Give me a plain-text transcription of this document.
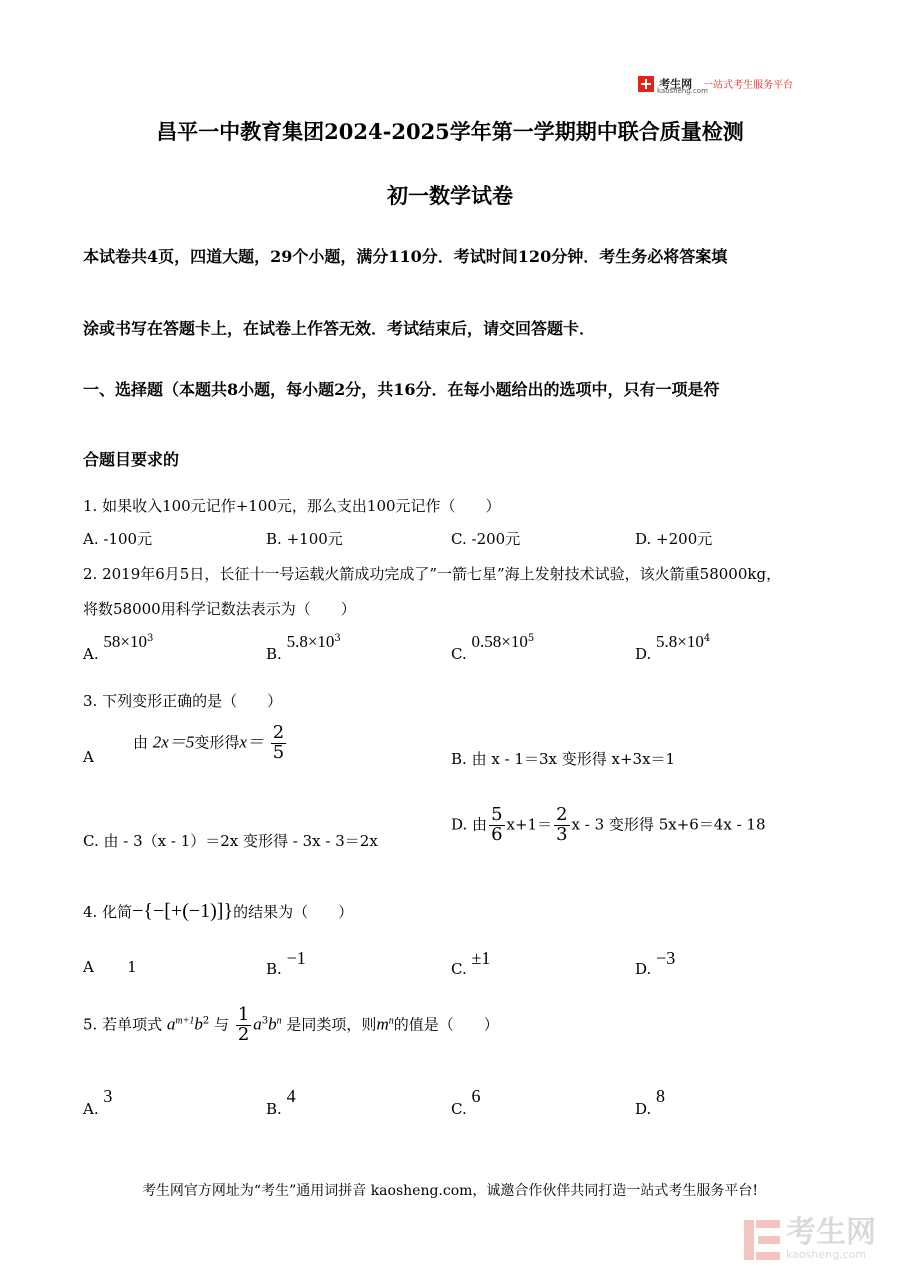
考生网
kaosheng.com
一站式考生服务平台
昌平一中教育集团2024-2025学年第一学期期中联合质量检测
初一数学试卷
本试卷共4页，四道大题，29个小题，满分110分．考试时间120分钟．考生务必将答案填
涂或书写在答题卡上，在试卷上作答无效．考试结束后，请交回答题卡．
一、选择题（本题共8小题，每小题2分，共16分．在每小题给出的选项中，只有一项是符
合题目要求的
1. 如果收入100元记作+100元，那么支出100元记作（　　）
A. -100元	B. +100元	C. -200元	D. +200元
2. 2019年6月5日，长征十一号运载火箭成功完成了”一箭七星”海上发射技术试验，该火箭重58000kg，
将数58000用科学记数法表示为（　　）
A. $58\times 10^3$
B. $5.8\times 10^3$
C. $0.58\times 10^5$
D. $5.8\times 10^4$
3. 下列变形正确的是（　　）
A
由 2x＝5变形得$x= \frac{2}{5}$	B. 由 x - 1＝3x 变形得 x+3x＝1
C. 由 - 3（x - 1）＝2x 变形得 - 3x - 3＝2x
D. 由 $\frac{5}{6} x+1= \frac{2}{3}$ x - 3 变形得 5x+6＝4x - 18
4. 化简−{−[+(−1)]}的结果为（　　）
A 1	B. −1
C. ±1
D. −3
5. 若单项式 $a^{m+1}b^2$ 与 $\frac{1}{2} a^3b^n$ 是同类项，则$m^n$的值是（　　）
A. 3
B. 4
C. 6
D. 8
考生网官方网址为“考生”通用词拼音 kaosheng.com，诚邀合作伙伴共同打造一站式考生服务平台!
考生网
kaosheng.com
